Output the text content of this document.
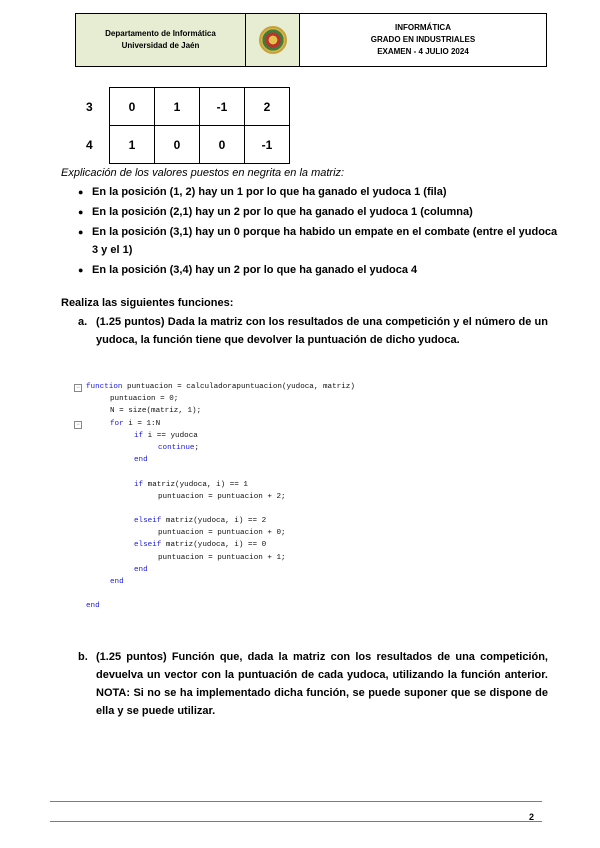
Departamento de Informática
Universidad de Jaén
INFORMÁTICA
GRADO EN INDUSTRIALES
EXAMEN - 4 JULIO 2024
3	0	1	-1	2
4	1	0	0	-1
Explicación de los valores puestos en negrita en la matriz:
● En la posición (1, 2) hay un 1 por lo que ha ganado el yudoca 1 (fila)
● En la posición (2,1) hay un 2 por lo que ha ganado el yudoca 1 (columna)
● En la posición (3,1) hay un 0 porque ha habido un empate en el combate (entre el yudoca 3 y el 1)
● En la posición (3,4) hay un 2 por lo que ha ganado el yudoca 4
Realiza las siguientes funciones:
a. (1.25 puntos) Dada la matriz con los resultados de una competición y el número de un yudoca, la función tiene que devolver la puntuación de dicho yudoca.
− function puntuacion = calculadorapuntuacion(yudoca, matriz)
puntuacion = 0;
N = size(matriz, 1);
−	for i = 1:N
if i == yudoca
continue;
end
if matriz(yudoca, i) == 1
puntuacion = puntuacion + 2;
elseif matriz(yudoca, i) == 2
puntuacion = puntuacion + 0;
elseif matriz(yudoca, i) == 0
puntuacion = puntuacion + 1;
end
end
end
b. (1.25 puntos) Función que, dada la matriz con los resultados de una competición, devuelva un vector con la puntuación de cada yudoca, utilizando la función anterior. NOTA: Si no se ha implementado dicha función, se puede suponer que se dispone de ella y se puede utilizar.
2
